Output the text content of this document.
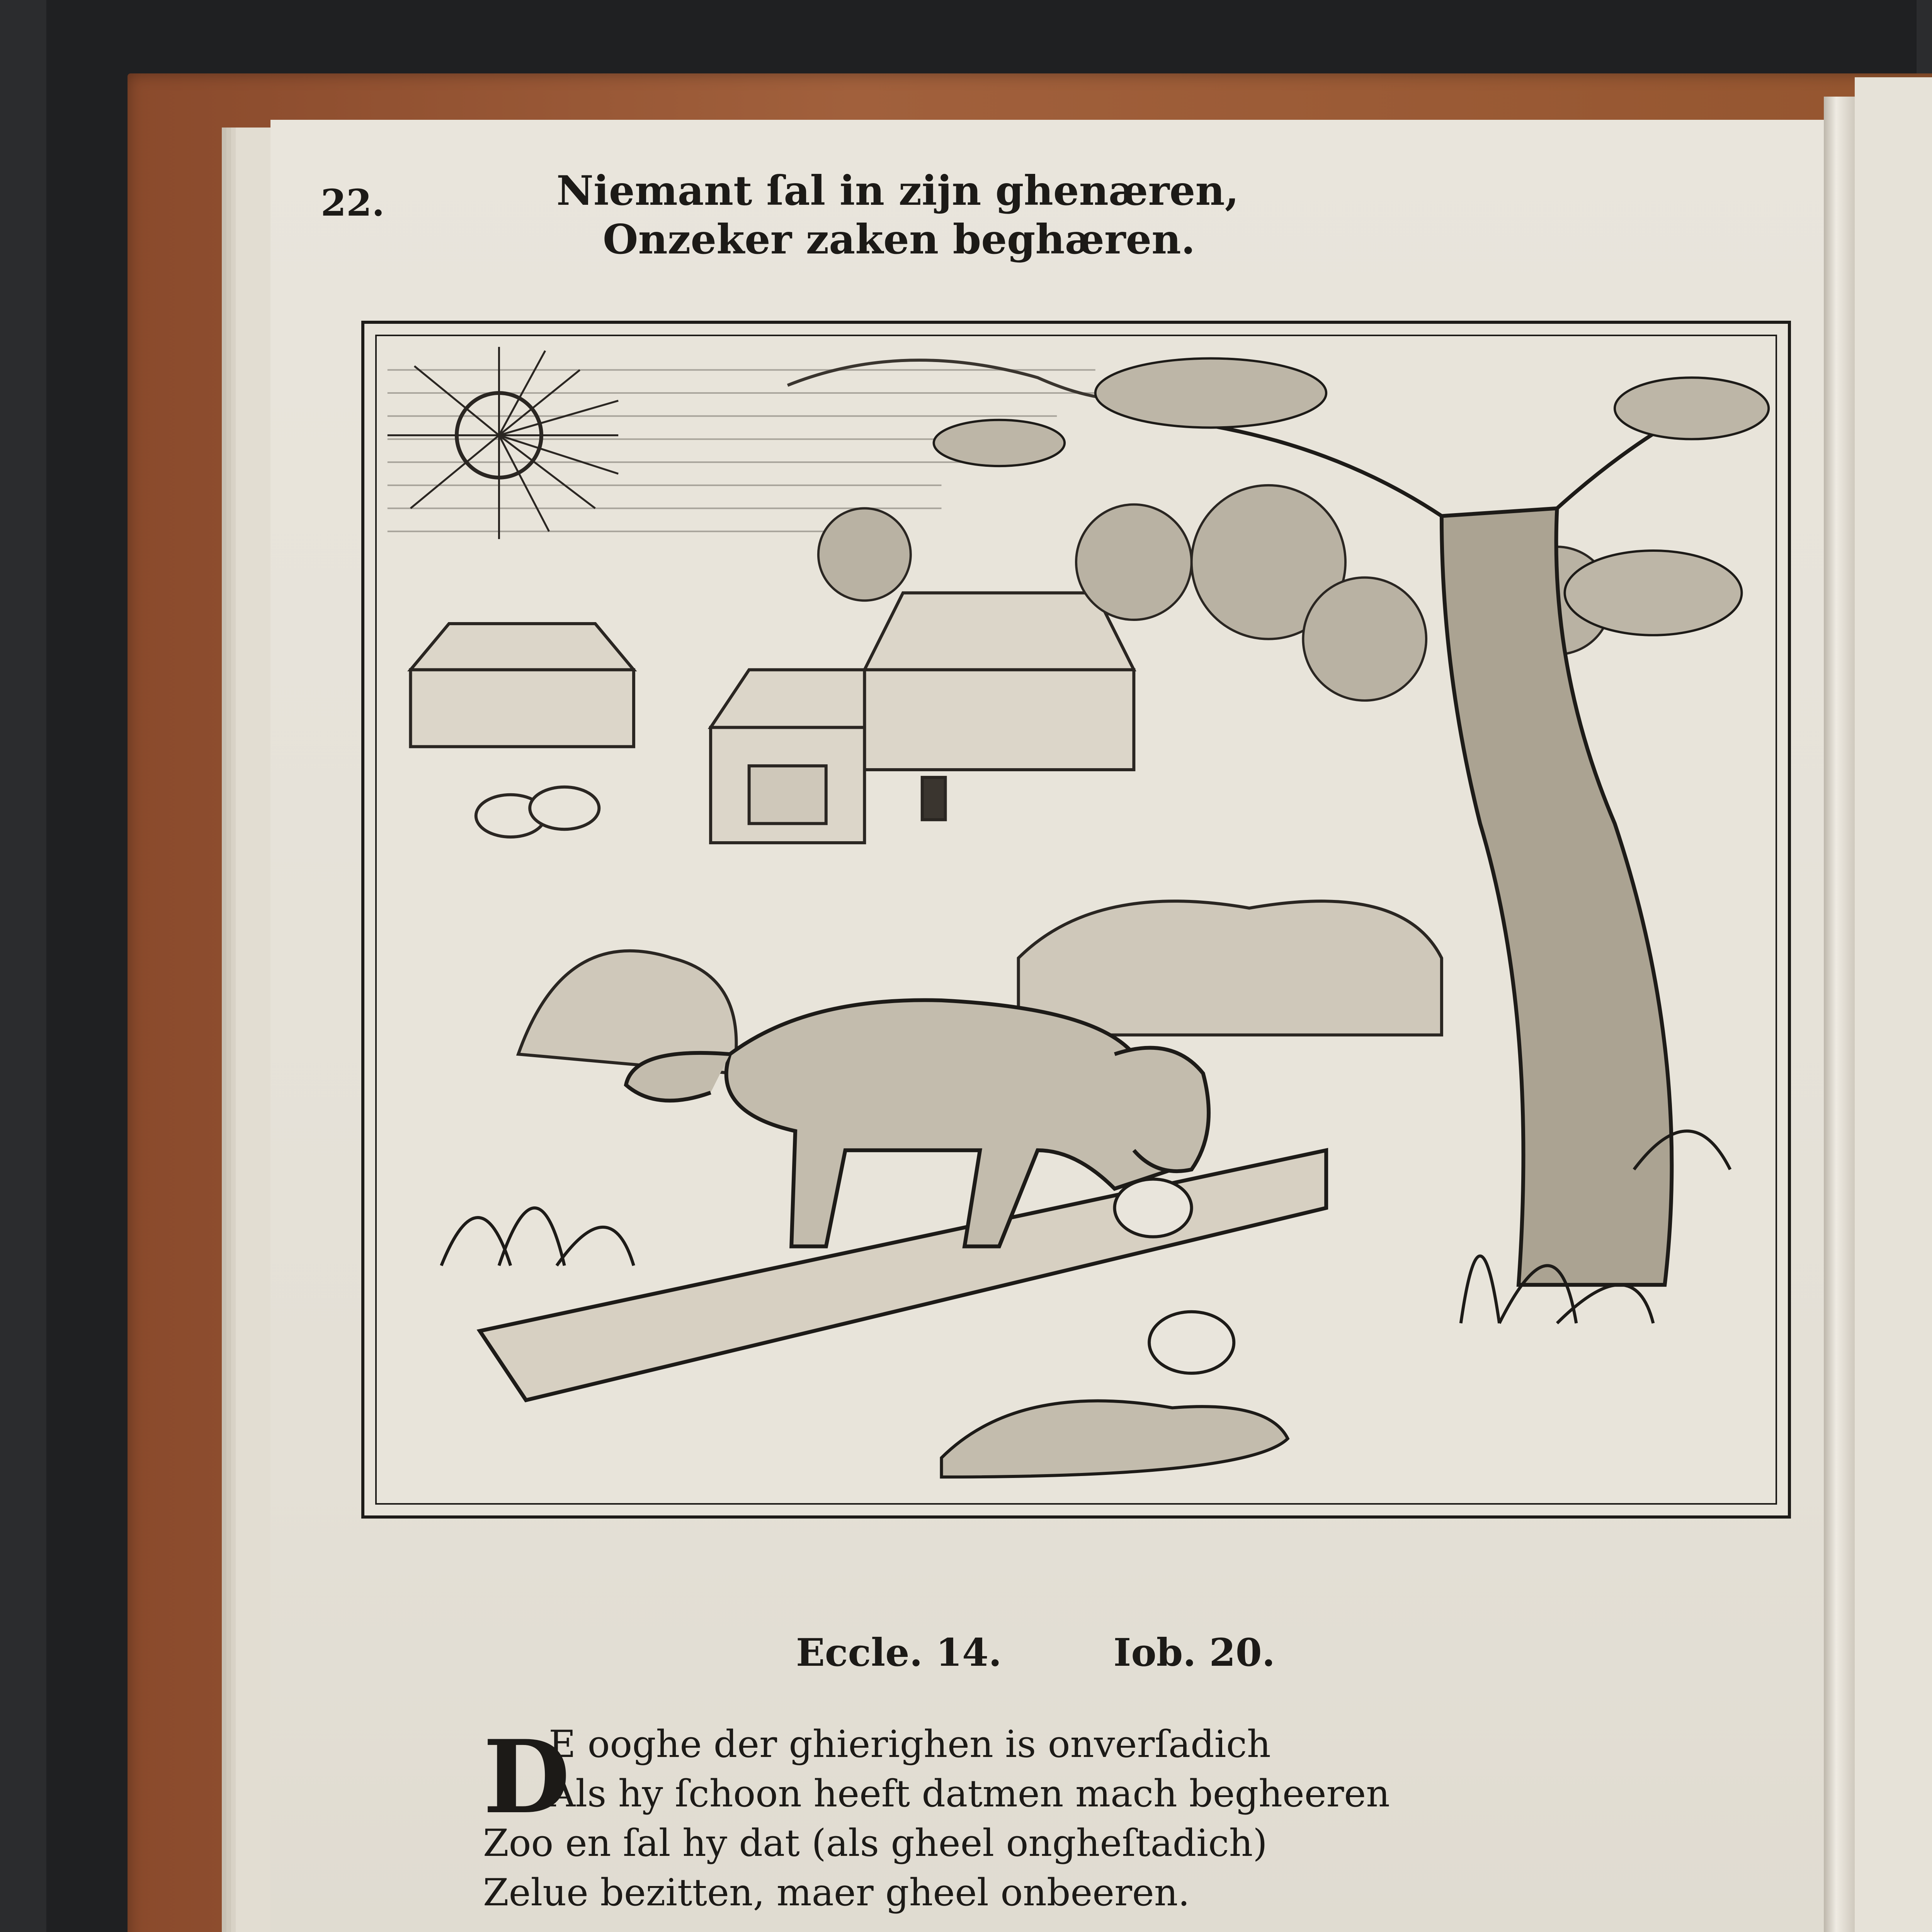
22.	Niemant ſal in zijn ghenæren,
Onzeker zaken beghæren.
Eccle. 14.	Iob. 20.
D
E ooghe der ghierighen is onverſadich
Als hy ſchoon heeft datmen mach begheeren
Zoo en ſal hy dat (als gheel ongheſtadich)
Zelue bezitten, maer gheel onbeeren.
